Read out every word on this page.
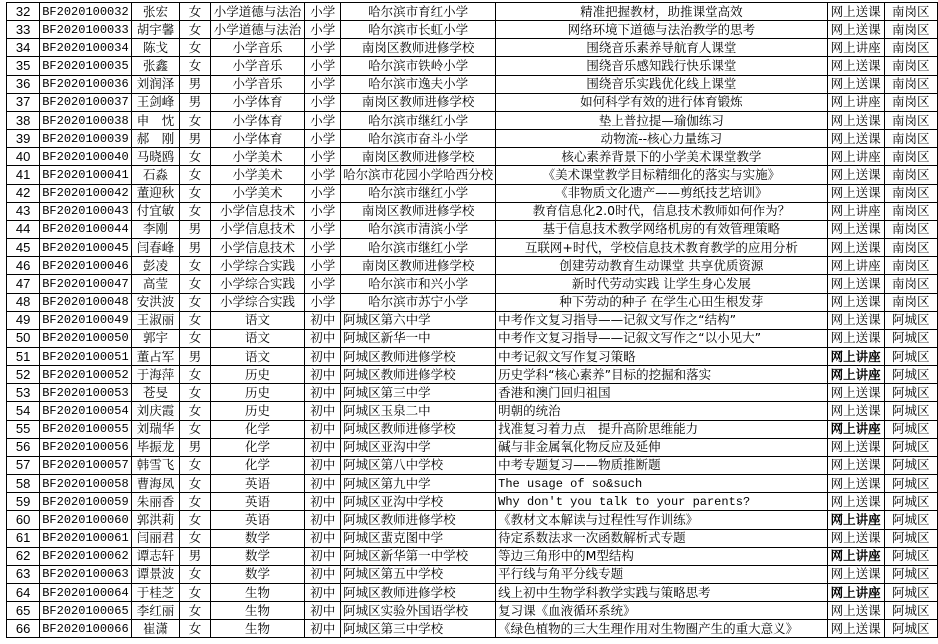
32	BF2020100032	张宏	女	小学道德与法治	小学	哈尔滨市育红小学	精准把握教材，助推课堂高效	网上送课	南岗区
33	BF2020100033	胡宇馨	女	小学道德与法治	小学	哈尔滨市长虹小学	网络环境下道德与法治教学的思考	网上送课	南岗区
34	BF2020100034	陈戈	女	小学音乐	小学	南岗区教师进修学校	围绕音乐素养导航育人课堂	网上讲座	南岗区
35	BF2020100035	张鑫	女	小学音乐	小学	哈尔滨市铁岭小学	围绕音乐感知践行快乐课堂	网上送课	南岗区
36	BF2020100036	刘润泽	男	小学音乐	小学	哈尔滨市逸夫小学	围绕音乐实践优化线上课堂	网上送课	南岗区
37	BF2020100037	王剑峰	男	小学体育	小学	南岗区教师进修学校	如何科学有效的进行体育锻炼	网上讲座	南岗区
38	BF2020100038	申　忱	女	小学体育	小学	哈尔滨市继红小学	垫上普拉提—瑜伽练习	网上送课	南岗区
39	BF2020100039	郝　刚	男	小学体育	小学	哈尔滨市奋斗小学	动物流--核心力量练习	网上送课	南岗区
40	BF2020100040	马晓鸥	女	小学美术	小学	南岗区教师进修学校	核心素养背景下的小学美术课堂教学	网上讲座	南岗区
41	BF2020100041	石淼	女	小学美术	小学	哈尔滨市花园小学哈西分校	《美术课堂教学目标精细化的落实与实施》	网上送课	南岗区
42	BF2020100042	董迎秋	女	小学美术	小学	哈尔滨市继红小学	《非物质文化遗产——剪纸技艺培训》	网上送课	南岗区
43	BF2020100043	付宜敏	女	小学信息技术	小学	南岗区教师进修学校	教育信息化2.0时代，信息技术教师如何作为？	网上讲座	南岗区
44	BF2020100044	李刚	男	小学信息技术	小学	哈尔滨市清滨小学	基于信息技术教学网络机房的有效管理策略	网上送课	南岗区
45	BF2020100045	闫春峰	男	小学信息技术	小学	哈尔滨市继红小学	互联网+时代，学校信息技术教育教学的应用分析	网上送课	南岗区
46	BF2020100046	彭凌	女	小学综合实践	小学	南岗区教师进修学校	创建劳动教育生动课堂 共享优质资源	网上讲座	南岗区
47	BF2020100047	高莹	女	小学综合实践	小学	哈尔滨市和兴小学	新时代劳动实践 让学生身心发展	网上送课	南岗区
48	BF2020100048	安洪波	女	小学综合实践	小学	哈尔滨市苏宁小学	种下劳动的种子 在学生心田生根发芽	网上送课	南岗区
49	BF2020100049	王淑丽	女	语文	初中	阿城区第六中学	中考作文复习指导——记叙文写作之“结构”	网上送课	阿城区
50	BF2020100050	郭宇	女	语文	初中	阿城区新华一中	中考作文复习指导——记叙文写作之“以小见大”	网上送课	阿城区
51	BF2020100051	董占军	男	语文	初中	阿城区教师进修学校	中考记叙文写作复习策略	网上讲座	阿城区
52	BF2020100052	于海萍	女	历史	初中	阿城区教师进修学校	历史学科“核心素养”目标的挖掘和落实	网上讲座	阿城区
53	BF2020100053	苍旻	女	历史	初中	阿城区第三中学	香港和澳门回归祖国	网上送课	阿城区
54	BF2020100054	刘庆霞	女	历史	初中	阿城区玉泉二中	明朝的统治	网上送课	阿城区
55	BF2020100055	刘瑞华	女	化学	初中	阿城区教师进修学校	找准复习着力点　提升高阶思维能力	网上讲座	阿城区
56	BF2020100056	毕振龙	男	化学	初中	阿城区亚沟中学	碱与非金属氧化物反应及延伸	网上送课	阿城区
57	BF2020100057	韩雪飞	女	化学	初中	阿城区第八中学校	中考专题复习——物质推断题	网上送课	阿城区
58	BF2020100058	曹海凤	女	英语	初中	阿城区第九中学	The usage of so&such	网上送课	阿城区
59	BF2020100059	朱丽香	女	英语	初中	阿城区亚沟中学校	Why don't you talk to your parents?	网上送课	阿城区
60	BF2020100060	郭洪莉	女	英语	初中	阿城区教师进修学校	《教材文本解读与过程性写作训练》	网上讲座	阿城区
61	BF2020100061	闫丽君	女	数学	初中	阿城区蜚克图中学	待定系数法求一次函数解析式专题	网上送课	阿城区
62	BF2020100062	谭志轩	男	数学	初中	阿城区新华第一中学校	等边三角形中的M型结构	网上讲座	阿城区
63	BF2020100063	谭景波	女	数学	初中	阿城区第五中学校	平行线与角平分线专题	网上送课	阿城区
64	BF2020100064	于桂芝	女	生物	初中	阿城区教师进修学校	线上初中生物学科教学实践与策略思考	网上讲座	阿城区
65	BF2020100065	李红丽	女	生物	初中	阿城区实验外国语学校	复习课《血液循环系统》	网上送课	阿城区
66	BF2020100066	崔潇	女	生物	初中	阿城区第三中学校	《绿色植物的三大生理作用对生物圈产生的重大意义》	网上送课	阿城区
